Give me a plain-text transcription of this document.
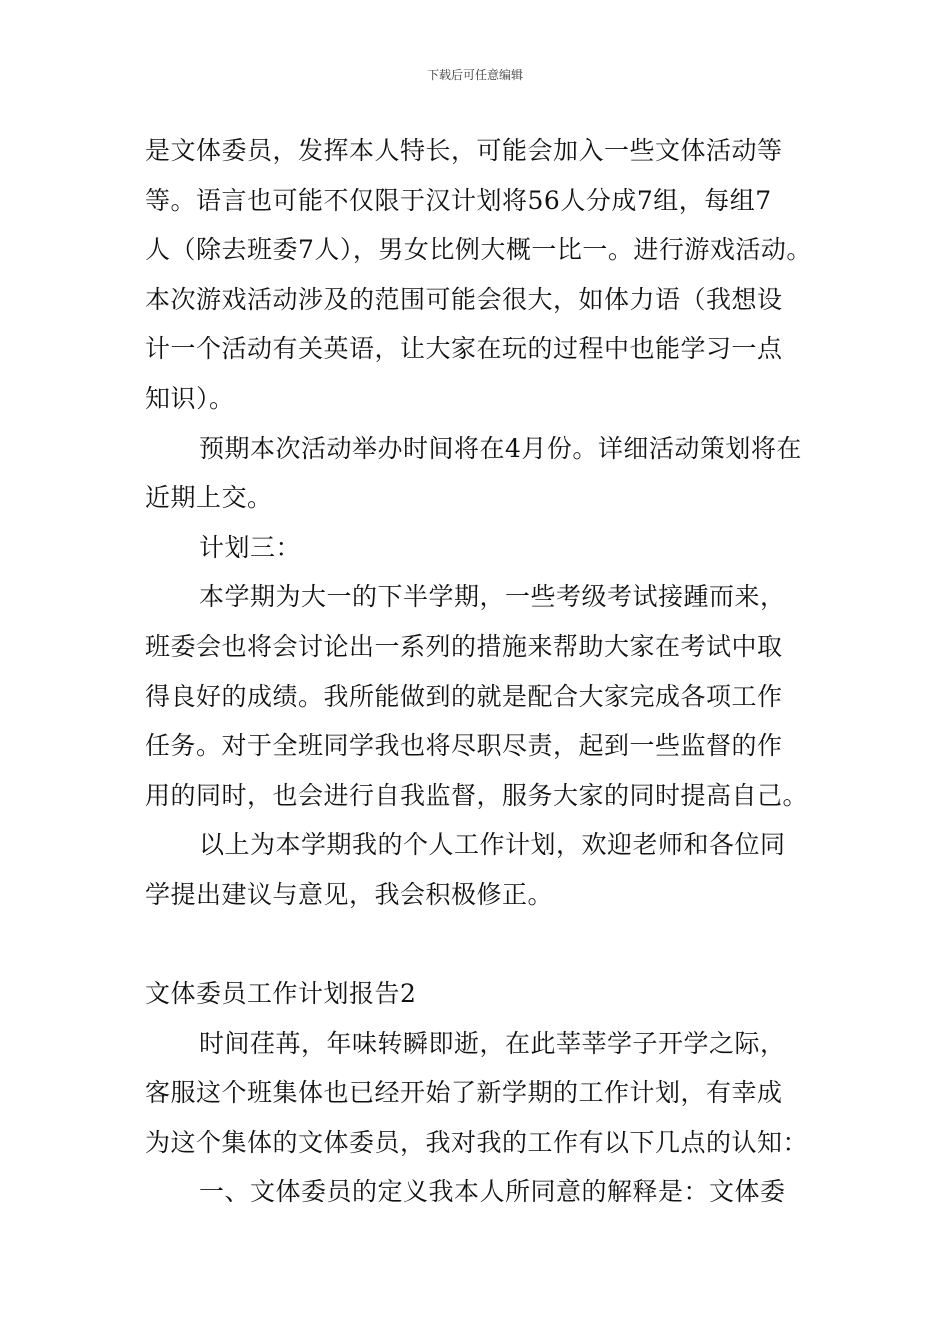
下载后可任意编辑
是文体委员，发挥本人特长，可能会加入一些文体活动等
等。语言也可能不仅限于汉计划将56人分成7组，每组7
人（除去班委7人），男女比例大概一比一。进行游戏活动。
本次游戏活动涉及的范围可能会很大，如体力语（我想设
计一个活动有关英语，让大家在玩的过程中也能学习一点
知识）。
预期本次活动举办时间将在4月份。详细活动策划将在
近期上交。
计划三：
本学期为大一的下半学期，一些考级考试接踵而来，
班委会也将会讨论出一系列的措施来帮助大家在考试中取
得良好的成绩。我所能做到的就是配合大家完成各项工作
任务。对于全班同学我也将尽职尽责，起到一些监督的作
用的同时，也会进行自我监督，服务大家的同时提高自己。
以上为本学期我的个人工作计划，欢迎老师和各位同
学提出建议与意见，我会积极修正。
文体委员工作计划报告2
时间荏苒，年味转瞬即逝，在此莘莘学子开学之际，
客服这个班集体也已经开始了新学期的工作计划，有幸成
为这个集体的文体委员，我对我的工作有以下几点的认知：
一、文体委员的定义我本人所同意的解释是：文体委
